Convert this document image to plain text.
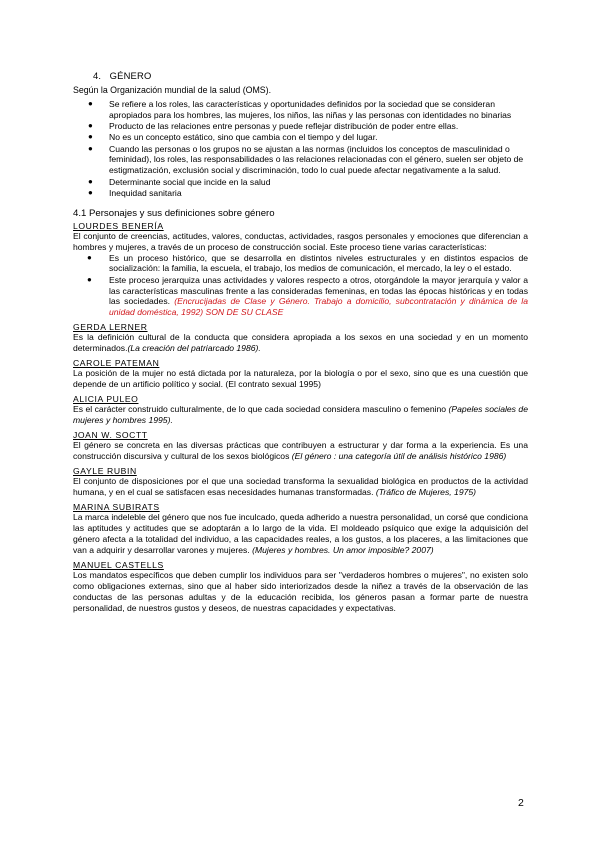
4. GÉNERO
Según la Organización mundial de la salud (OMS).
● Se refiere a los roles, las características y oportunidades definidos por la sociedad que se consideran apropiados para los hombres, las mujeres, los niños, las niñas y las personas con identidades no binarias
● Producto de las relaciones entre personas y puede reflejar distribución de poder entre ellas.
● No es un concepto estático, sino que cambia con el tiempo y del lugar.
● Cuando las personas o los grupos no se ajustan a las normas (incluidos los conceptos de masculinidad o feminidad), los roles, las responsabilidades o las relaciones relacionadas con el género, suelen ser objeto de estigmatización, exclusión social y discriminación, todo lo cual puede afectar negativamente a la salud.
● Determinante social que incide en la salud
● Inequidad sanitaria
4.1 Personajes y sus definiciones sobre género
LOURDES BENERÍA

El conjunto de creencias, actitudes, valores, conductas, actividades, rasgos personales y emociones que diferencian a hombres y mujeres, a través de un proceso de construcción social. Este proceso tiene varias características:

● Es un proceso histórico, que se desarrolla en distintos niveles estructurales y en distintos espacios de socialización: la familia, la escuela, el trabajo, los medios de comunicación, el mercado, la ley o el estado.
● Este proceso jerarquiza unas actividades y valores respecto a otros, otorgándole la mayor jerarquía y valor a las características masculinas frente a las consideradas femeninas, en todas las épocas históricas y en todas las sociedades. (Encrucijadas de Clase y Género. Trabajo a domicilio, subcontratación y dinámica de la unidad doméstica, 1992) SON DE SU CLASE
GERDA LERNER

Es la definición cultural de la conducta que considera apropiada a los sexos en una sociedad y en un momento determinados.(La creación del patriarcado 1986).

CAROLE PATEMAN

La posición de la mujer no está dictada por la naturaleza, por la biología o por el sexo, sino que es una cuestión que depende de un artificio político y social. (El contrato sexual 1995)

ALICIA PULEO

Es el carácter construido culturalmente, de lo que cada sociedad considera masculino o femenino (Papeles sociales de mujeres y hombres 1995).

JOAN W. SOCTT

El género se concreta en las diversas prácticas que contribuyen a estructurar y dar forma a la experiencia. Es una construcción discursiva y cultural de los sexos biológicos (El género : una categoría útil de análisis histórico 1986)

GAYLE RUBIN

El conjunto de disposiciones por el que una sociedad transforma la sexualidad biológica en productos de la actividad humana, y en el cual se satisfacen esas necesidades humanas transformadas. (Tráfico de Mujeres, 1975)

MARINA SUBIRATS

La marca indeleble del género que nos fue inculcado, queda adherido a nuestra personalidad, un corsé que condiciona las aptitudes y actitudes que se adoptarán a lo largo de la vida. El moldeado psíquico que exige la adquisición del género afecta a la totalidad del individuo, a las capacidades reales, a los gustos, a los placeres, a las limitaciones que van a adquirir y desarrollar varones y mujeres. (Mujeres y hombres. Un amor imposible? 2007)

MANUEL CASTELLS

Los mandatos específicos que deben cumplir los individuos para ser "verdaderos hombres o mujeres", no existen solo como obligaciones externas, sino que al haber sido interiorizados desde la niñez a través de la observación de las conductas de las personas adultas y de la educación recibida, los géneros pasan a formar parte de nuestra personalidad, de nuestros gustos y deseos, de nuestras capacidades y expectativas.

2
